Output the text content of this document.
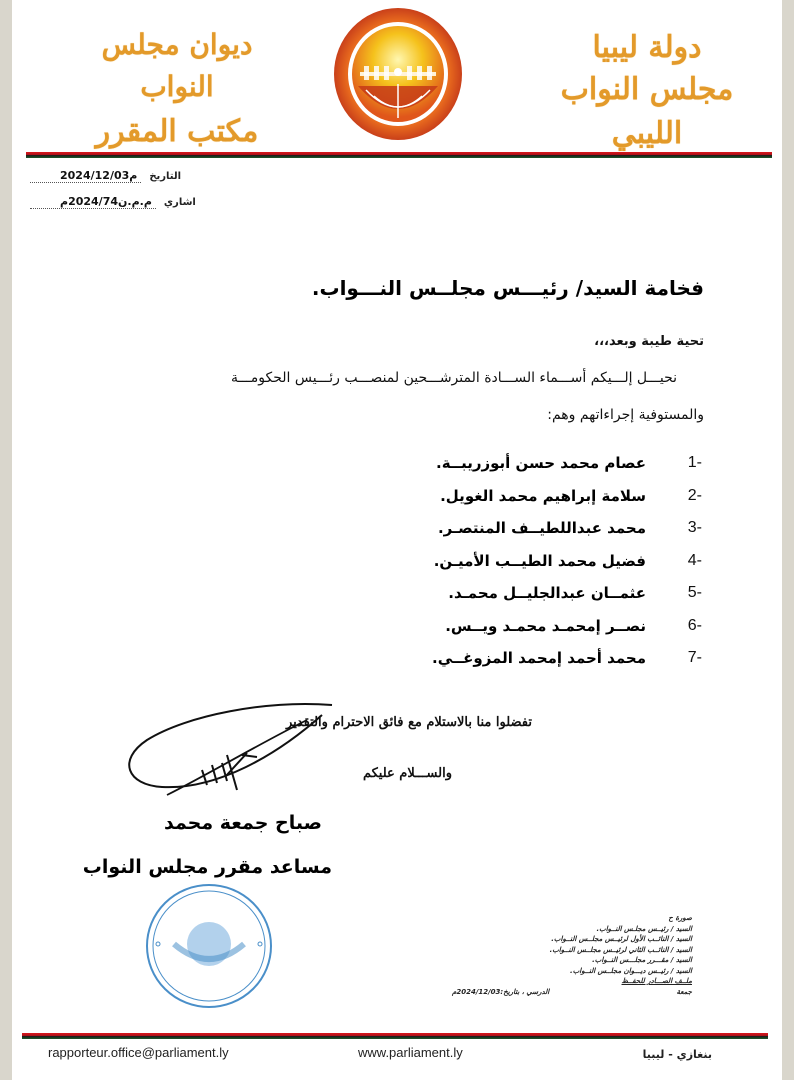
دولة ليبيا
مجلس النواب الليبي
ديوان مجلس النواب
مكتب المقرر
2024/12/03م	التاريخ
م.م.ن2024/74م	اشاري
فخامة السيد/ رئيـــس مجلــس النـــواب.
تحية طيبة وبعد،،،
نحيـــل إلـــيكم أســـماء الســـادة المترشـــحين لمنصـــب رئـــيس الحكومـــة
والمستوفية إجراءاتهم وهم:
عصام محمد حسن أبوزريبــة.	1-
سلامة إبراهيم محمد الغويل.	2-
محمد عبداللطيــف المنتصـر.	3-
فضيل محمد الطيــب الأميـن.	4-
عثمــان عبدالجليــل محمـد.	5-
نصــر إمحمـد محمـد ويــس.	6-
محمد أحمد إمحمد المزوغــي.	7-
تفضلوا منا بالاستلام مع فائق الاحترام والتقدير
والســـلام عليكم
صباح جمعة محمد
مساعد مقرر مجلس النواب
صورة ح
السيد / رئيــس مجلـس النــواب.
السيد / النائــب الأول لرئيــس مجلــس النــواب.
السيد / النائــب الثاني لرئيــس مجلــس النــواب.
السيد / مقـــرر مجلـــس النــواب.
السيد / رئيــس ديـــوان مجلــس النــواب.
ملــف الصـــادر للحفــظ
جمعة
الدرسي ، بتاريخ:2024/12/03م
rapporteur.office@parliament.ly	www.parliament.ly	بنغازي - ليبيا
